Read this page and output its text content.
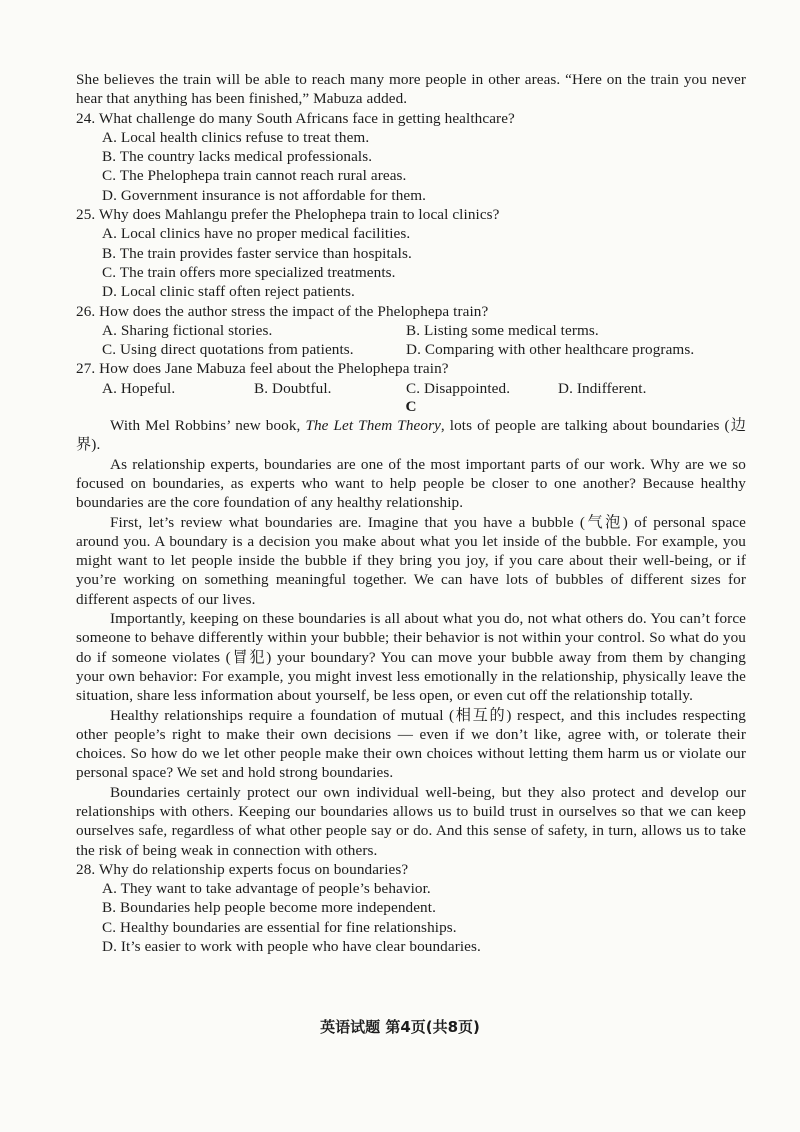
She believes the train will be able to reach many more people in other areas. “Here on the train you never hear that anything has been finished,” Mabuza added.

24. What challenge do many South Africans face in getting healthcare?

A. Local health clinics refuse to treat them.

B. The country lacks medical professionals.

C. The Phelophepa train cannot reach rural areas.

D. Government insurance is not affordable for them.

25. Why does Mahlangu prefer the Phelophepa train to local clinics?

A. Local clinics have no proper medical facilities.

B. The train provides faster service than hospitals.

C. The train offers more specialized treatments.

D. Local clinic staff often reject patients.

26. How does the author stress the impact of the Phelophepa train?

A. Sharing fictional stories.	B. Listing some medical terms.
C. Using direct quotations from patients.	D. Comparing with other healthcare programs.

27. How does Jane Mabuza feel about the Phelophepa train?

A. Hopeful.	B. Doubtful.	C. Disappointed.	D. Indifferent.

C

With Mel Robbins’ new book, The Let Them Theory, lots of people are talking about boundaries (边界).

As relationship experts, boundaries are one of the most important parts of our work. Why are we so focused on boundaries, as experts who want to help people be closer to one another? Because healthy boundaries are the core foundation of any healthy relationship.

First, let’s review what boundaries are. Imagine that you have a bubble (气泡) of personal space around you. A boundary is a decision you make about what you let inside of the bubble. For example, you might want to let people inside the bubble if they bring you joy, if you care about their well-being, or if you’re working on something meaningful together. We can have lots of bubbles of different sizes for different aspects of our lives.

Importantly, keeping on these boundaries is all about what you do, not what others do. You can’t force someone to behave differently within your bubble; their behavior is not within your control. So what do you do if someone violates (冒犯) your boundary? You can move your bubble away from them by changing your own behavior: For example, you might invest less emotionally in the relationship, physically leave the situation, share less information about yourself, be less open, or even cut off the relationship totally.

Healthy relationships require a foundation of mutual (相互的) respect, and this includes respecting other people’s right to make their own decisions — even if we don’t like, agree with, or tolerate their choices. So how do we let other people make their own choices without letting them harm us or violate our personal space? We set and hold strong boundaries.

Boundaries certainly protect our own individual well-being, but they also protect and develop our relationships with others. Keeping our boundaries allows us to build trust in ourselves so that we can keep ourselves safe, regardless of what other people say or do. And this sense of safety, in turn, allows us to take the risk of being weak in connection with others.

28. Why do relationship experts focus on boundaries?

A. They want to take advantage of people’s behavior.

B. Boundaries help people become more independent.

C. Healthy boundaries are essential for fine relationships.

D. It’s easier to work with people who have clear boundaries.

英语试题 第4页(共8页)
